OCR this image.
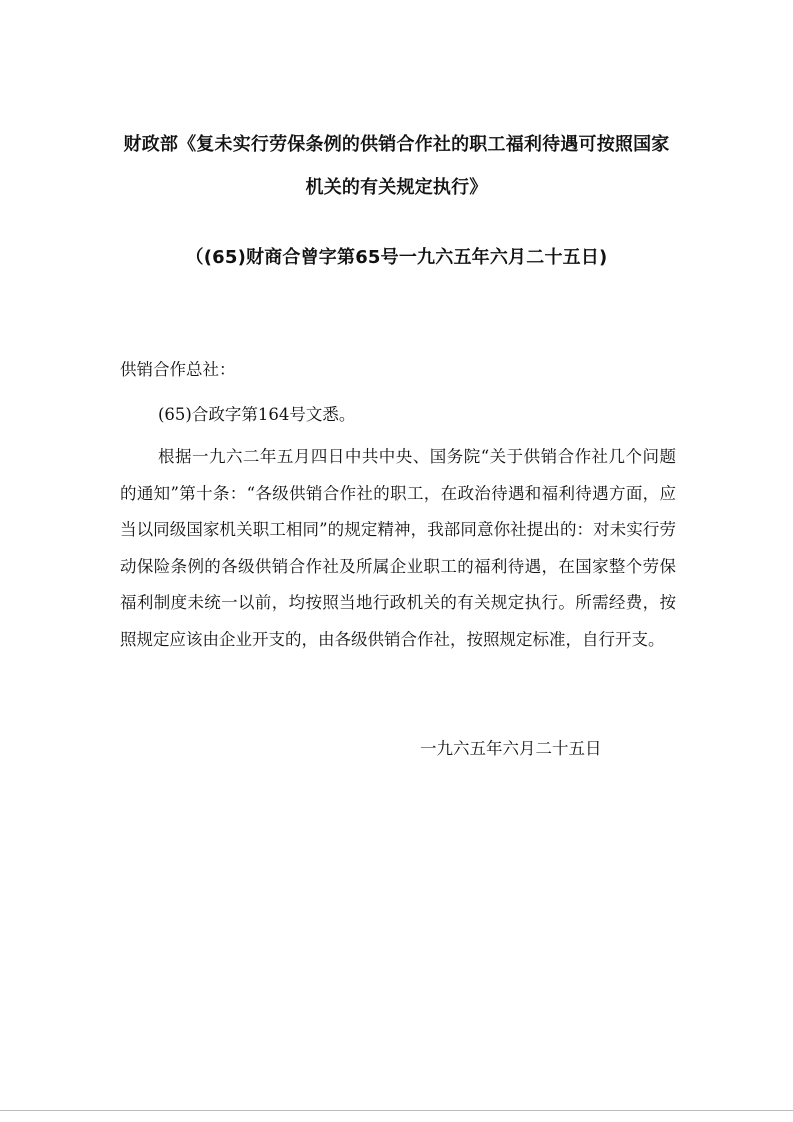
财政部《复未实行劳保条例的供销合作社的职工福利待遇可按照国家
机关的有关规定执行》
（(65)财商合曾字第65号一九六五年六月二十五日)
供销合作总社：
(65)合政字第164号文悉。
根据一九六二年五月四日中共中央、国务院“关于供销合作社几个问题的通知”第十条：“各级供销合作社的职工，在政治待遇和福利待遇方面，应当以同级国家机关职工相同”的规定精神，我部同意你社提出的：对未实行劳动保险条例的各级供销合作社及所属企业职工的福利待遇，在国家整个劳保福利制度未统一以前，均按照当地行政机关的有关规定执行。所需经费，按照规定应该由企业开支的，由各级供销合作社，按照规定标准，自行开支。
一九六五年六月二十五日
